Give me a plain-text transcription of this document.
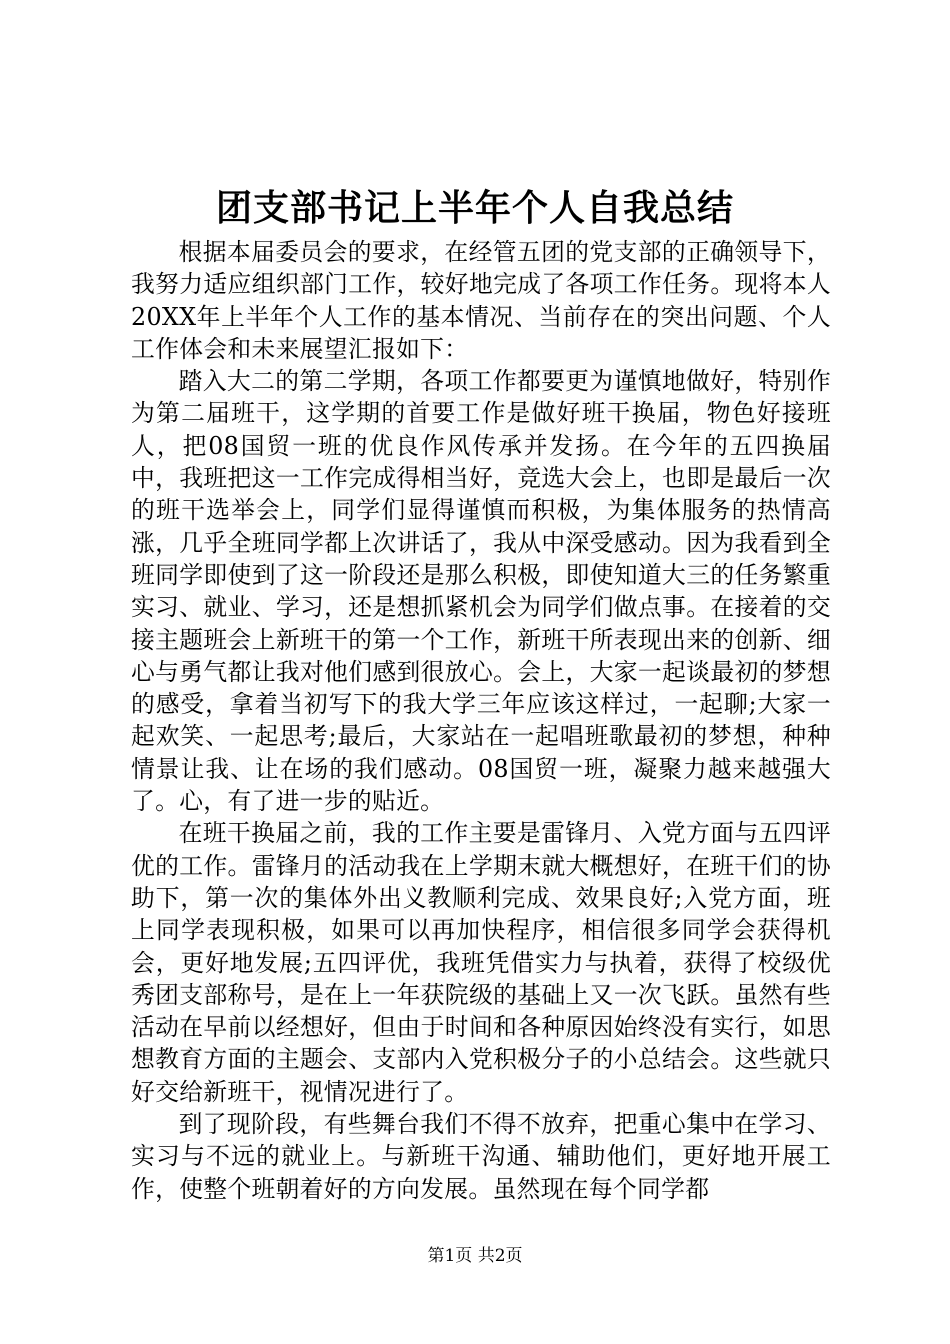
团支部书记上半年个人自我总结

根据本届委员会的要求，在经管五团的党支部的正确领导下，我努力适应组织部门工作，较好地完成了各项工作任务。现将本人20XX年上半年个人工作的基本情况、当前存在的突出问题、个人工作体会和未来展望汇报如下：

踏入大二的第二学期，各项工作都要更为谨慎地做好，特别作为第二届班干，这学期的首要工作是做好班干换届，物色好接班人，把08国贸一班的优良作风传承并发扬。在今年的五四换届中，我班把这一工作完成得相当好，竞选大会上，也即是最后一次的班干选举会上，同学们显得谨慎而积极，为集体服务的热情高涨，几乎全班同学都上次讲话了，我从中深受感动。因为我看到全班同学即使到了这一阶段还是那么积极，即使知道大三的任务繁重实习、就业、学习，还是想抓紧机会为同学们做点事。在接着的交接主题班会上新班干的第一个工作，新班干所表现出来的创新、细心与勇气都让我对他们感到很放心。会上，大家一起谈最初的梦想的感受，拿着当初写下的我大学三年应该这样过，一起聊;大家一起欢笑、一起思考;最后，大家站在一起唱班歌最初的梦想，种种情景让我、让在场的我们感动。08国贸一班，凝聚力越来越强大了。心，有了进一步的贴近。

在班干换届之前，我的工作主要是雷锋月、入党方面与五四评优的工作。雷锋月的活动我在上学期末就大概想好，在班干们的协助下，第一次的集体外出义教顺利完成、效果良好;入党方面，班上同学表现积极，如果可以再加快程序，相信很多同学会获得机会，更好地发展;五四评优，我班凭借实力与执着，获得了校级优秀团支部称号，是在上一年获院级的基础上又一次飞跃。虽然有些活动在早前以经想好，但由于时间和各种原因始终没有实行，如思想教育方面的主题会、支部内入党积极分子的小总结会。这些就只好交给新班干，视情况进行了。

到了现阶段，有些舞台我们不得不放弃，把重心集中在学习、实习与不远的就业上。与新班干沟通、辅助他们，更好地开展工作，使整个班朝着好的方向发展。虽然现在每个同学都

第1页 共2页
